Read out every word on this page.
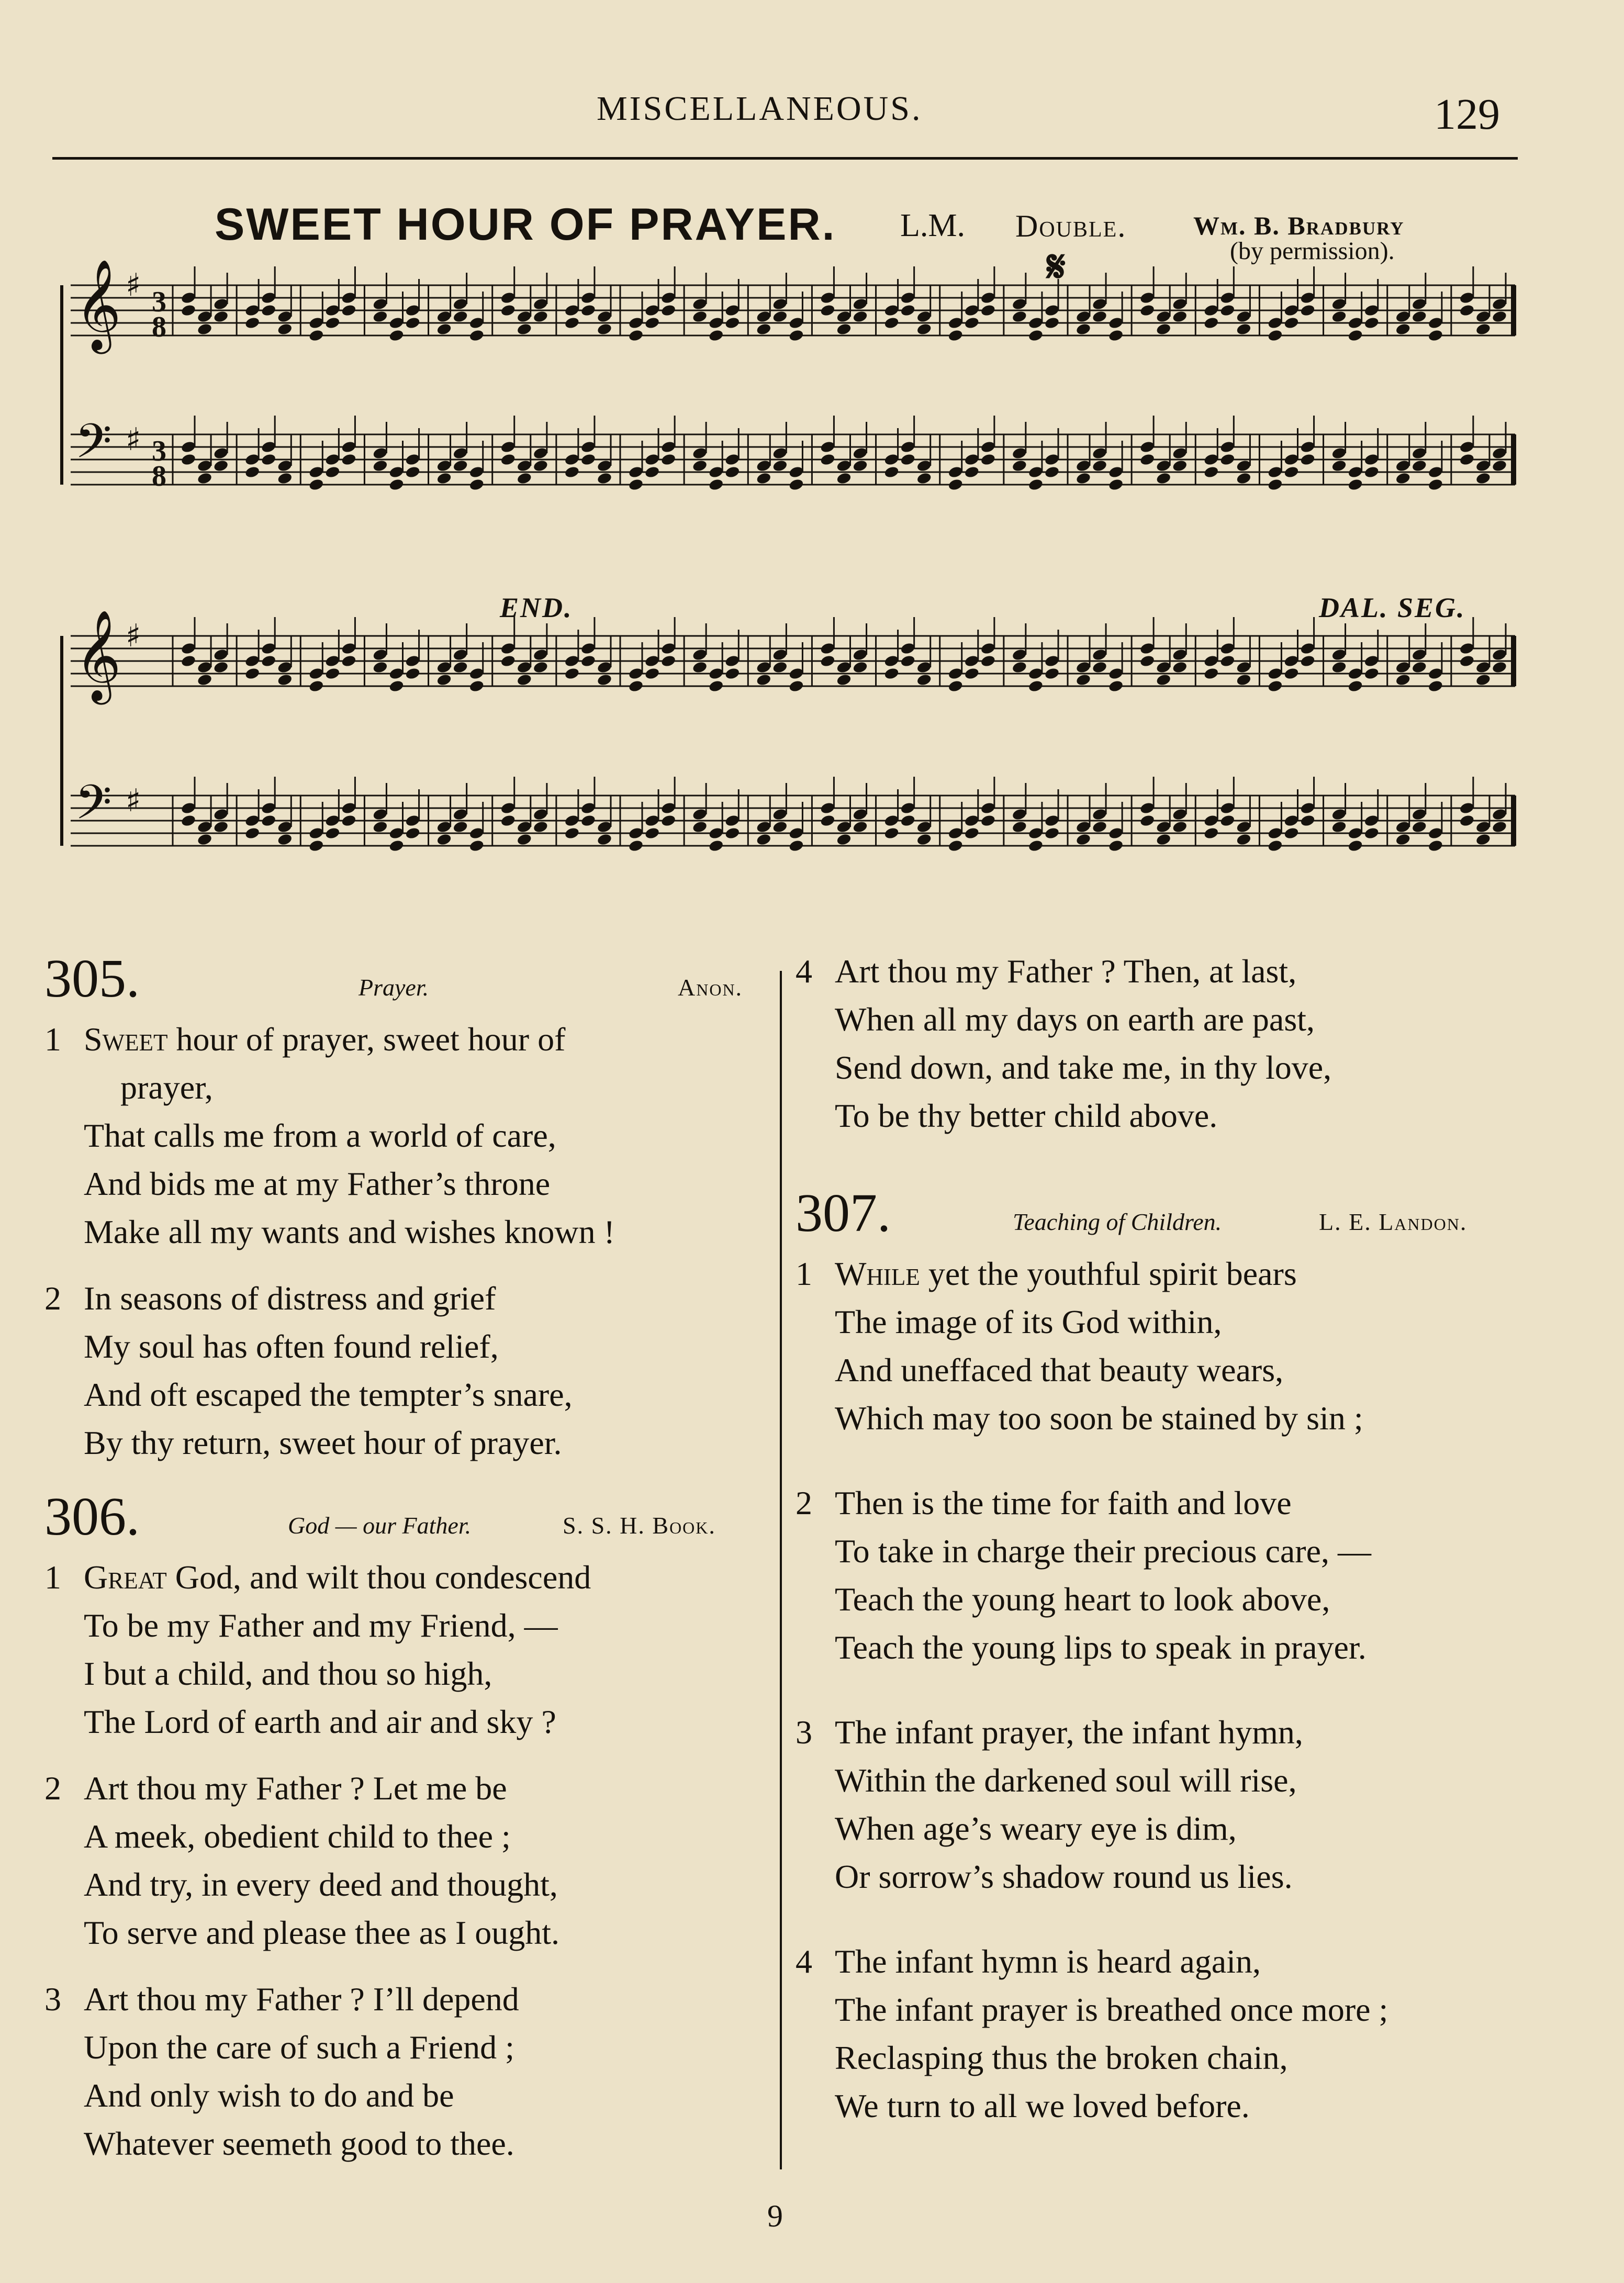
MISCELLANEOUS.	129
SWEET HOUR OF PRAYER. L.M. Double.	Wm. B. Bradbury
(by permission).
𝄋
END.	DAL. SEG.
𝄞 ♯ 3
8
𝄢 ♯ 3
8
𝄞 ♯
𝄢 ♯
305.	Prayer.	Anon.
1 Sweet hour of prayer, sweet hour of
prayer,
That calls me from a world of care,
And bids me at my Father’s throne
Make all my wants and wishes known !
2 In seasons of distress and grief
My soul has often found relief,
And oft escaped the tempter’s snare,
By thy return, sweet hour of prayer.
306.	God — our Father.	S. S. H. Book.
1 Great God, and wilt thou condescend
To be my Father and my Friend, —
I but a child, and thou so high,
The Lord of earth and air and sky ?
2 Art thou my Father ? Let me be
A meek, obedient child to thee ;
And try, in every deed and thought,
To serve and please thee as I ought.
3 Art thou my Father ? I’ll depend
Upon the care of such a Friend ;
And only wish to do and be
Whatever seemeth good to thee.
4 Art thou my Father ? Then, at last,
When all my days on earth are past,
Send down, and take me, in thy love,
To be thy better child above.
307.	Teaching of Children.	L. E. Landon.
1 While yet the youthful spirit bears
The image of its God within,
And uneffaced that beauty wears,
Which may too soon be stained by sin ;
2 Then is the time for faith and love
To take in charge their precious care, —
Teach the young heart to look above,
Teach the young lips to speak in prayer.
3 The infant prayer, the infant hymn,
Within the darkened soul will rise,
When age’s weary eye is dim,
Or sorrow’s shadow round us lies.
4 The infant hymn is heard again,
The infant prayer is breathed once more ;
Reclasping thus the broken chain,
We turn to all we loved before.
9
